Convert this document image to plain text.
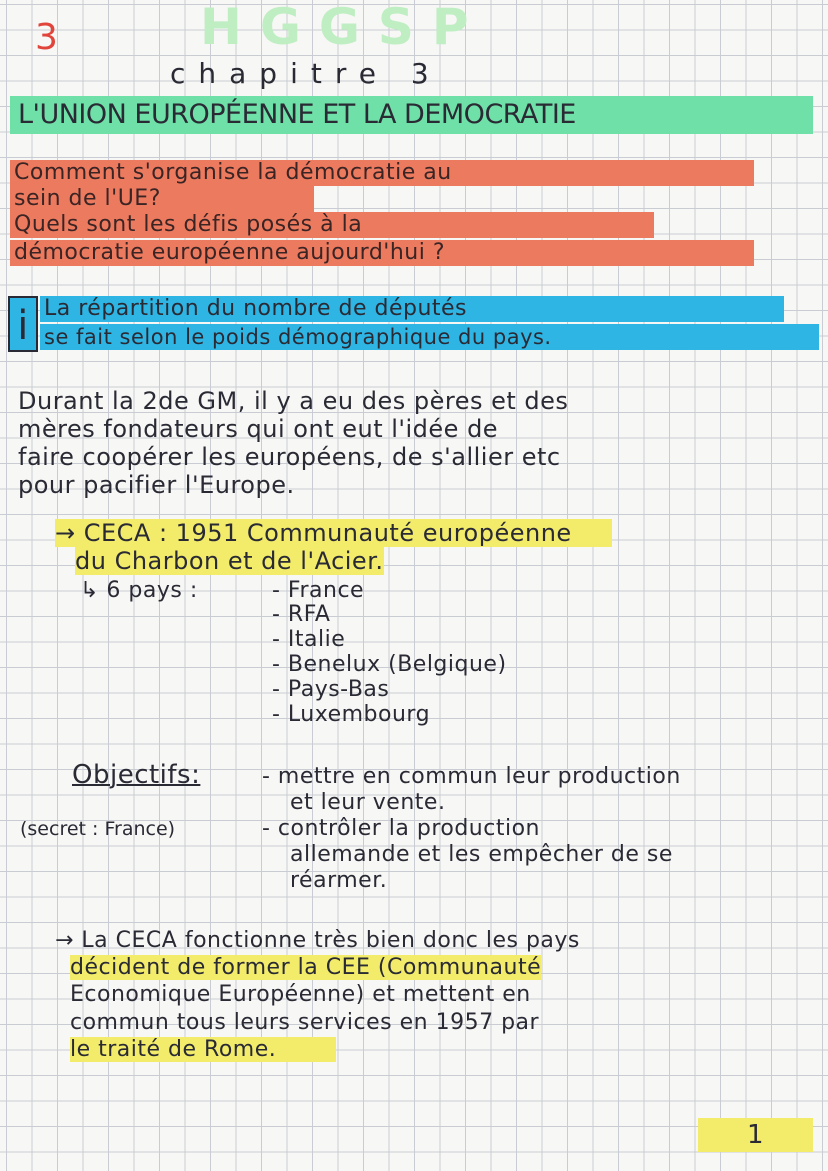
3	HGGSP
chapitre 3
L'UNION EUROPÉENNE ET LA DEMOCRATIE
Comment s'organise la démocratie au
sein de l'UE?
Quels sont les défis posés à la
démocratie européenne aujourd'hui ?
i La répartition du nombre de députés
se fait selon le poids démographique du pays.
Durant la 2de GM, il y a eu des pères et des
mères fondateurs qui ont eut l'idée de
faire coopérer les européens, de s'allier etc
pour pacifier l'Europe.
→ CECA : 1951 Communauté européenne
du Charbon et de l'Acier.
↳ 6 pays :	- France
- RFA
- Italie
- Benelux (Belgique)
- Pays-Bas
- Luxembourg
Objectifs:
(secret : France)
- mettre en commun leur production
et leur vente.
- contrôler la production
allemande et les empêcher de se
réarmer.
→ La CECA fonctionne très bien donc les pays
décident de former la CEE (Communauté
Economique Européenne) et mettent en
commun tous leurs services en 1957 par
le traité de Rome.
1
